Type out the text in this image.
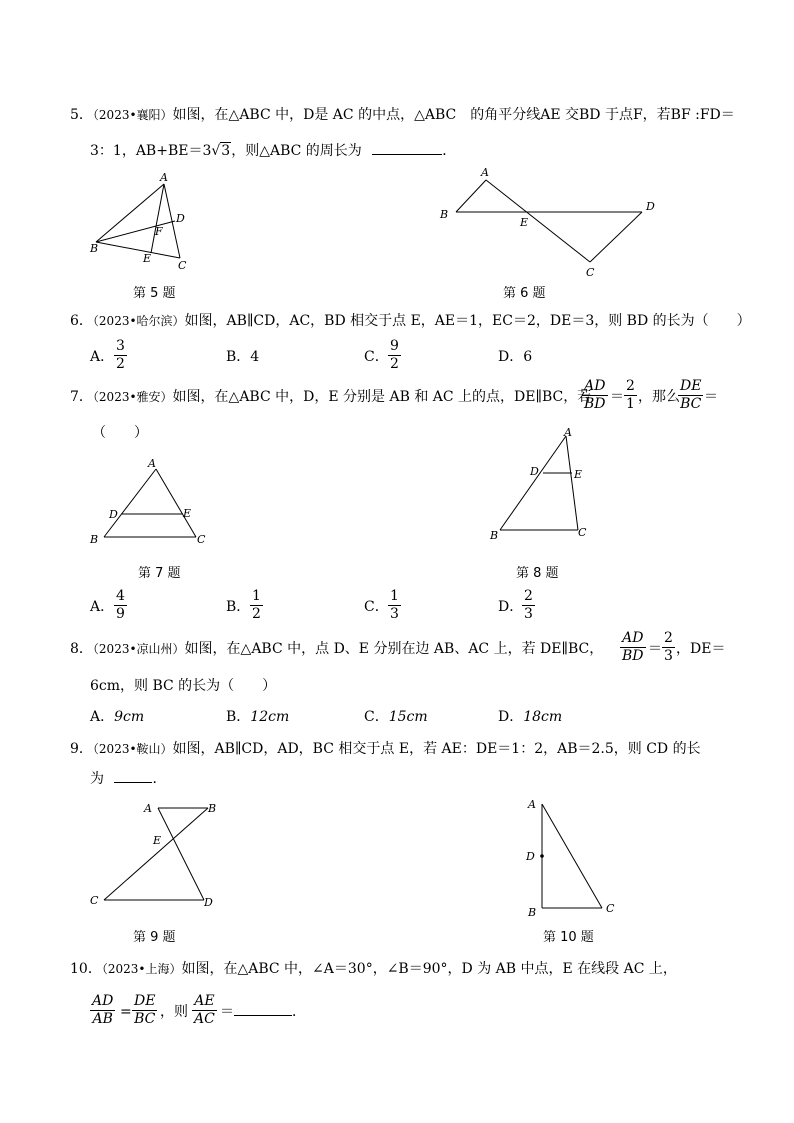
5．（2023•襄阳）如图，在△ABC 中，D是 AC 的中点，△ABC　的角平分线AE 交BD 于点F，若BF :FD＝
3：1，AB+BE＝3√3，则△ABC 的周长为	．
A
B
C
D
E
F
第 5 题
A
B
C
D
E
第 6 题
6．（2023•哈尔滨）如图，AB∥CD，AC，BD 相交于点 E，AE＝1，EC＝2，DE＝3，则 BD 的长为（　　）
A．
3
2	B．4	C．
9
2	D．6
7．（2023•雅安）如图，在△ABC 中，D，E 分别是 AB 和 AC 上的点，DE∥BC，若
AD
BD ＝
2
1 ，那么
DE
BC ＝
（　　）
A
B	C
D	E
第 7 题
A
B	C
D	E
第 8 题
A．
4
9	B．
1
2	C．
1
3	D．
2
3
8．（2023•凉山州）如图，在△ABC 中，点 D、E 分别在边 AB、AC 上，若 DE∥BC，
AD
BD ＝
2
3 ，DE＝
6cm，则 BC 的长为（　　）
A．9cm	B．12cm	C．15cm	D．18cm
9．（2023•鞍山）如图，AB∥CD，AD，BC 相交于点 E，若 AE：DE＝1：2，AB＝2.5，则 CD 的长
为	．
A	B
C	D
E
第 9 题
A
B	C
D
第 10 题
10．（2023•上海）如图，在△ABC 中，∠A＝30°，∠B＝90°，D 为 AB 中点，E 在线段 AC 上，
AD
AB =
DE
BC ，则
AE
AC ＝	．
